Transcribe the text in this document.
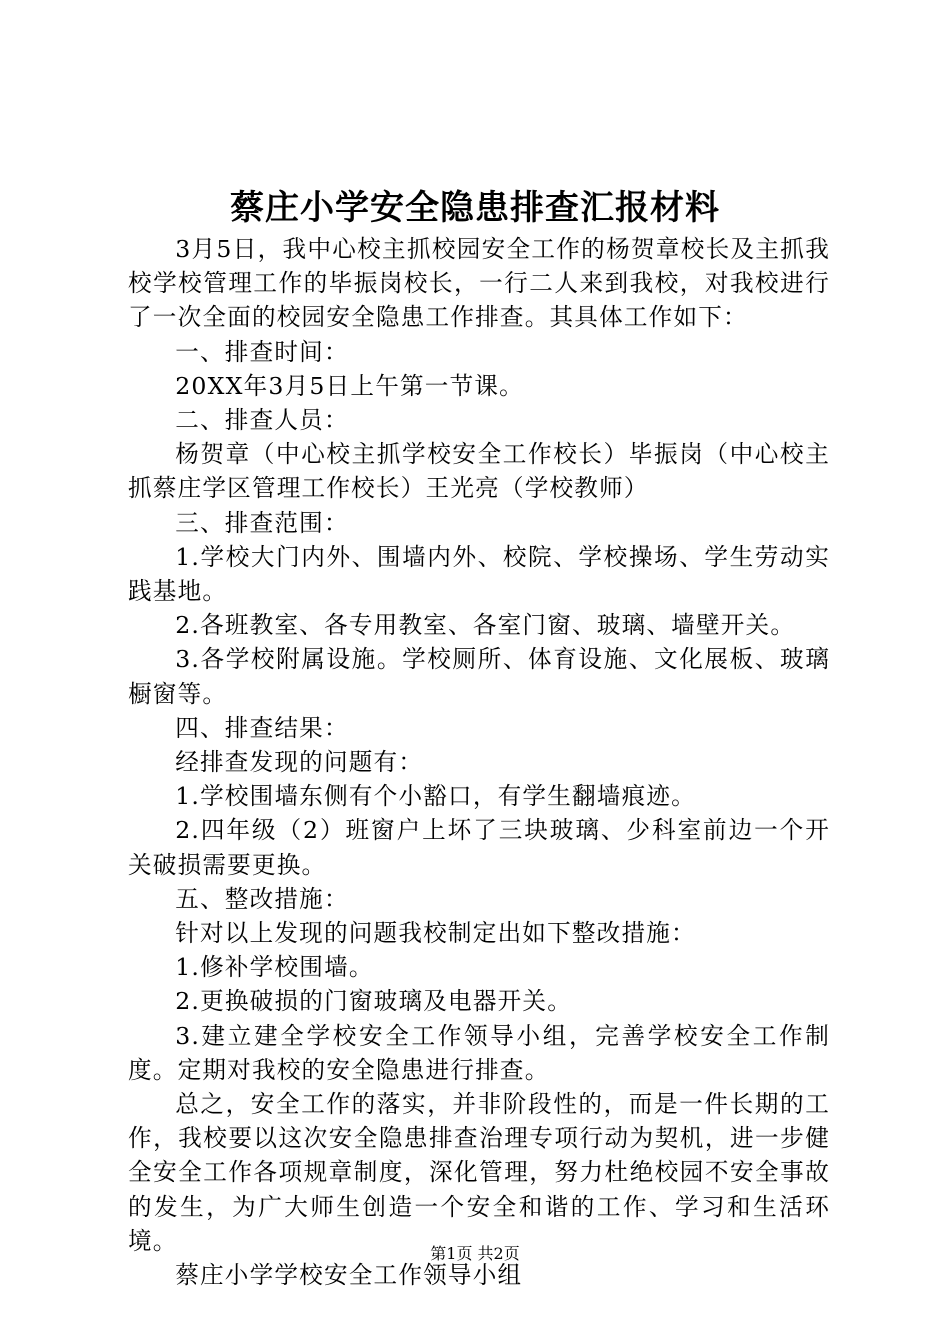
蔡庄小学安全隐患排查汇报材料

3月5日，我中心校主抓校园安全工作的杨贺章校长及主抓我校学校管理工作的毕振岗校长，一行二人来到我校，对我校进行了一次全面的校园安全隐患工作排查。其具体工作如下：

一、排查时间：

20XX年3月5日上午第一节课。

二、排查人员：

杨贺章（中心校主抓学校安全工作校长）毕振岗（中心校主抓蔡庄学区管理工作校长）王光亮（学校教师）

三、排查范围：

1.学校大门内外、围墙内外、校院、学校操场、学生劳动实践基地。

2.各班教室、各专用教室、各室门窗、玻璃、墙壁开关。

3.各学校附属设施。学校厕所、体育设施、文化展板、玻璃橱窗等。

四、排查结果：

经排查发现的问题有：

1.学校围墙东侧有个小豁口，有学生翻墙痕迹。

2.四年级（2）班窗户上坏了三块玻璃、少科室前边一个开关破损需要更换。

五、整改措施：

针对以上发现的问题我校制定出如下整改措施：

1.修补学校围墙。

2.更换破损的门窗玻璃及电器开关。

3.建立建全学校安全工作领导小组，完善学校安全工作制度。定期对我校的安全隐患进行排查。

总之，安全工作的落实，并非阶段性的，而是一件长期的工作，我校要以这次安全隐患排查治理专项行动为契机，进一步健全安全工作各项规章制度，深化管理，努力杜绝校园不安全事故的发生，为广大师生创造一个安全和谐的工作、学习和生活环境。

蔡庄小学学校安全工作领导小组

第1页 共2页
